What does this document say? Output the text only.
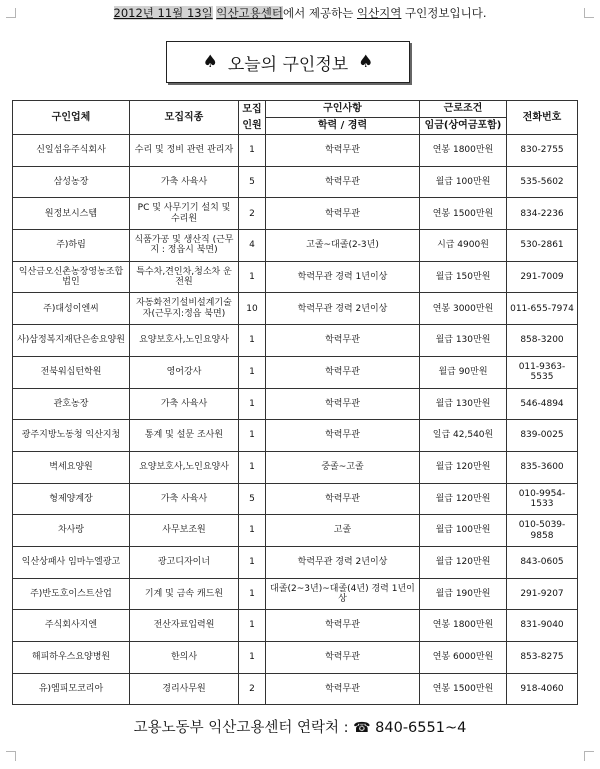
2012년 11월 13일 익산고용센터에서 제공하는 익산지역 구인정보입니다.
♠ 오늘의 구인정보 ♠
구인업체	모집직종	모집	구인사항	근로조건	전화번호
		인원	학력 / 경력	임금(상여금포함)	
신일섬유주식회사	수리 및 정비 관련 관리자	1	학력무관	연봉 1800만원	830-2755
삼성농장	가축 사육사	5	학력무관	월급 100만원	535-5602
원정보시스템	PC 및 사무기기 설치 및 수리원	2	학력무관	연봉 1500만원	834-2236
주)하림	식품가공 및 생산직 (근무지 : 정읍시 북면)	4	고졸~대졸(2-3년)	시급 4900원	530-2861
익산금오신촌농장영농조합법인	특수차,견인차,청소차 운전원	1	학력무관 경력 1년이상	월급 150만원	291-7009
주)대성이엔씨	자동화전기설비설계기술자(근무지:정읍 북면)	10	학력무관 경력 2년이상	연봉 3000만원	011-655-7974
사)삼정복지재단은송요양원	요양보호사,노인요양사	1	학력무관	월급 130만원	858-3200
전북워십턴학원	영어강사	1	학력무관	월급 90만원	011-9363-5535
관호농장	가축 사육사	1	학력무관	월급 130만원	546-4894
광주지방노동청 익산지청	통계 및 설문 조사원	1	학력무관	일급 42,540원	839-0025
벽세요양원	요양보호사,노인요양사	1	중졸~고졸	월급 120만원	835-3600
형제양계장	가축 사육사	5	학력무관	월급 120만원	010-9954-1533
차사랑	사무보조원	1	고졸	월급 100만원	010-5039-9858
익산상패사 임마누엘광고	광고디자이너	1	학력무관 경력 2년이상	월급 120만원	843-0605
주)반도호이스트산업	기계 및 금속 캐드원	1	대졸(2~3년)~대졸(4년) 경력 1년이상	월급 190만원	291-9207
주식회사지엔	전산자료입력원	1	학력무관	연봉 1800만원	831-9040
해피하우스요양병원	한의사	1	학력무관	연봉 6000만원	853-8275
유)엠피모코리아	경리사무원	2	학력무관	연봉 1500만원	918-4060
고용노동부 익산고용센터 연락처 : ☎ 840-6551~4
